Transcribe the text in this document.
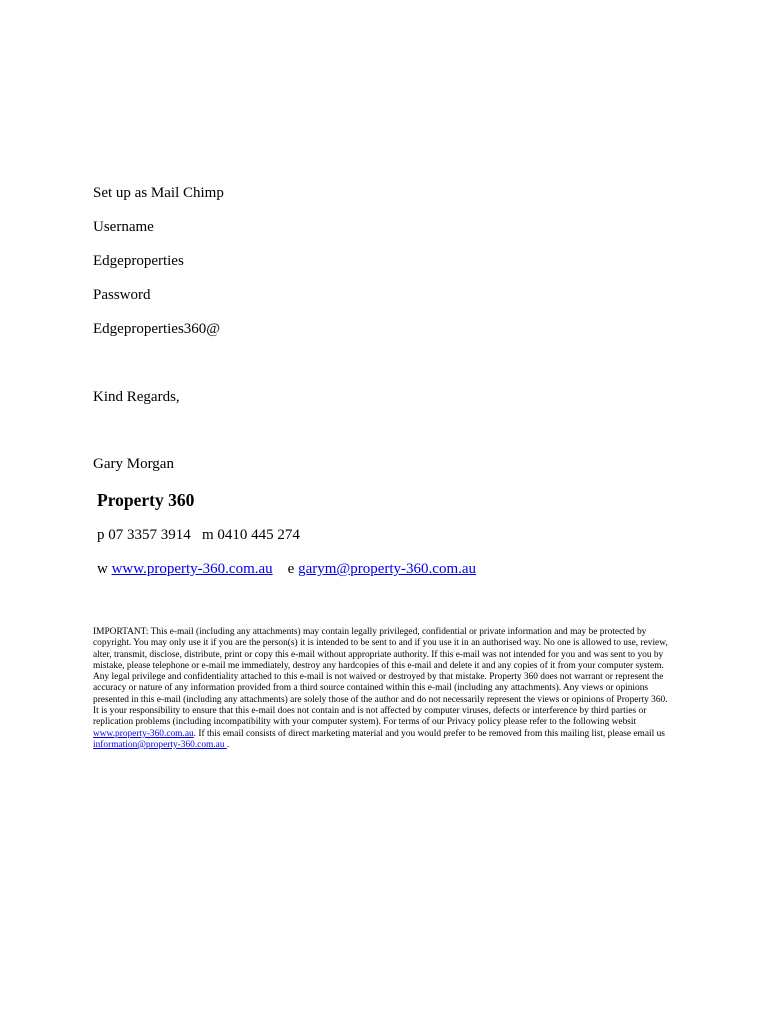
Set up as Mail Chimp
Username
Edgeproperties
Password
Edgeproperties360@
Kind Regards,
Gary Morgan
Property 360
p 07 3357 3914 m 0410 445 274
w www.property-360.com.au e garym@property-360.com.au
IMPORTANT: This e-mail (including any attachments) may contain legally privileged, confidential or private information and may be protected by copyright. You may only use it if you are the person(s) it is intended to be sent to and if you use it in an authorised way. No one is allowed to use, review, alter, transmit, disclose, distribute, print or copy this e-mail without appropriate authority. If this e-mail was not intended for you and was sent to you by mistake, please telephone or e-mail me immediately, destroy any hardcopies of this e-mail and delete it and any copies of it from your computer system. Any legal privilege and confidentiality attached to this e-mail is not waived or destroyed by that mistake. Property 360 does not warrant or represent the accuracy or nature of any information provided from a third source contained within this e-mail (including any attachments). Any views or opinions presented in this e-mail (including any attachments) are solely those of the author and do not necessarily represent the views or opinions of Property 360. It is your responsibility to ensure that this e-mail does not contain and is not affected by computer viruses, defects or interference by third parties or replication problems (including incompatibility with your computer system). For terms of our Privacy policy please refer to the following websit www.property-360.com.au. If this email consists of direct marketing material and you would prefer to be removed from this mailing list, please email us information@property-360.com.au .
